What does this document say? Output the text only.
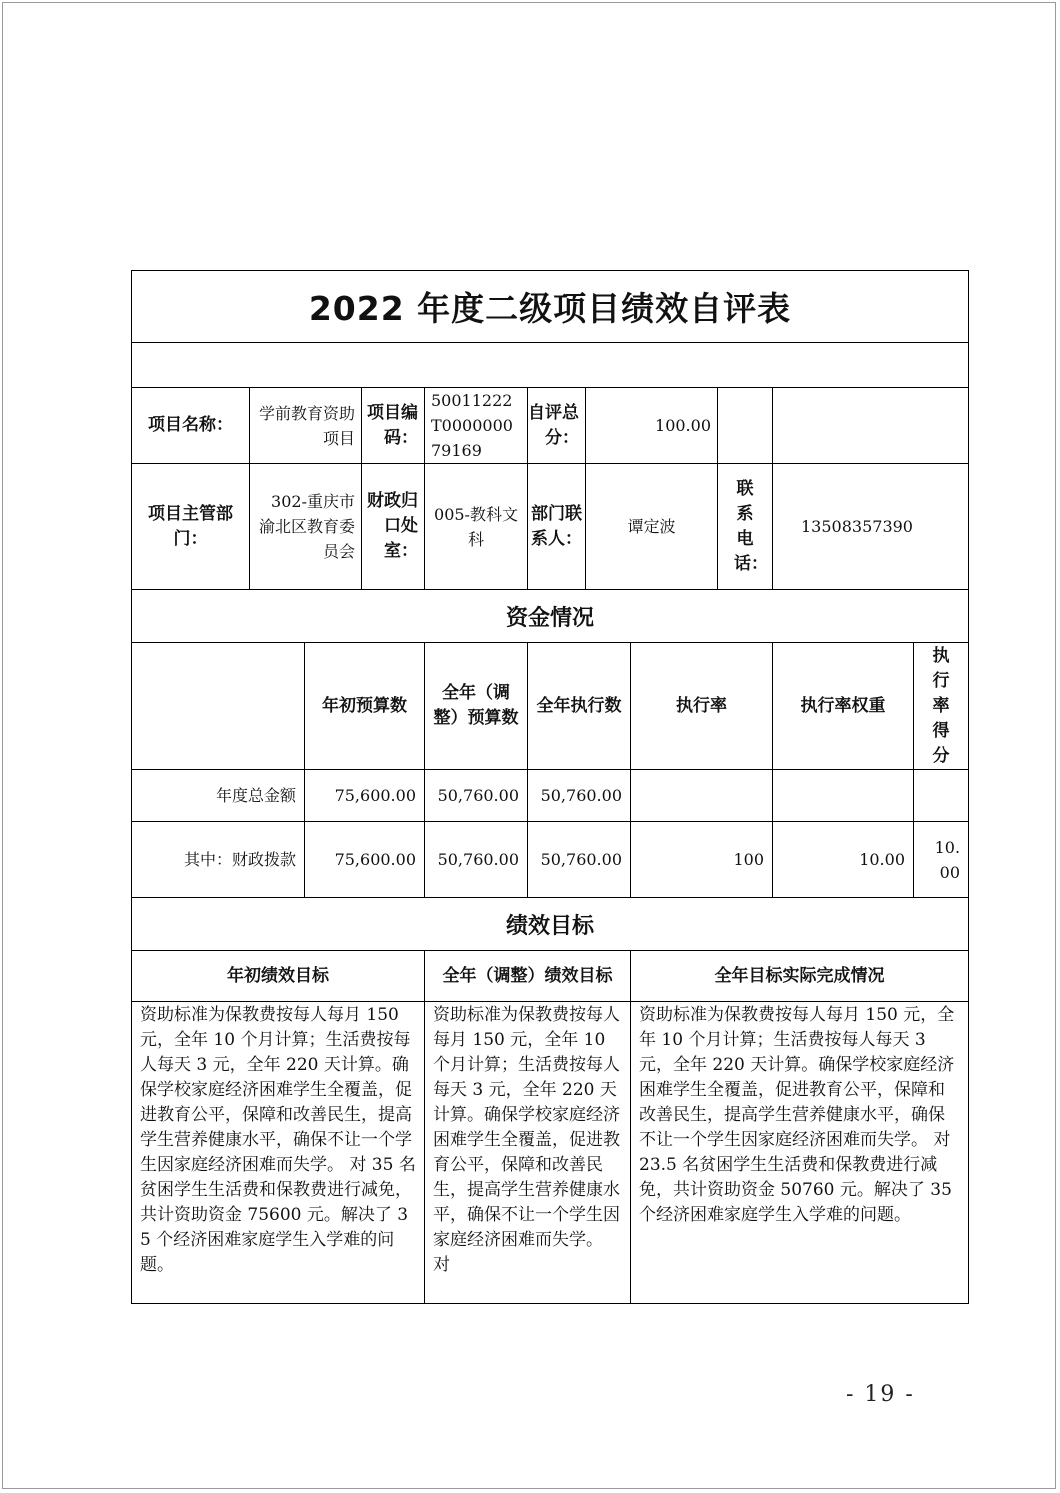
2022 年度二级项目绩效自评表										

项目名称：	学前教育资助项目		项目编码：	50011222T000000079169	自评总分：	100.00				
项目主管部门：	302-重庆市渝北区教育委员会		财政归口处室：	005-教科文科	部门联系人：	谭定波		联系电话：	13508357390	
资金情况										
		年初预算数		全年（调整）预算数	全年执行数		执行率		执行率权重	执行率得分
年度总金额		75,600.00		50,760.00	50,760.00					
其中：财政拨款		75,600.00		50,760.00	50,760.00		100		10.00	10.00
绩效目标										
年初绩效目标				全年（调整）绩效目标			全年目标实际完成情况			
资助标准为保教费按每人每月 150 元，全年 10 个月计算；生活费按每人每天 3 元，全年 220 天计算。确保学校家庭经济困难学生全覆盖，促进教育公平，保障和改善民生，提高学生营养健康水平，确保不让一个学生因家庭经济困难而失学。 对 35 名贫困学生生活费和保教费进行减免，共计资助资金 75600 元。解决了 35 个经济困难家庭学生入学难的问题。				资助标准为保教费按每人每月 150 元，全年 10 个月计算；生活费按每人每天 3 元，全年 220 天计算。确保学校家庭经济困难学生全覆盖，促进教育公平，保障和改善民生，提高学生营养健康水平，确保不让一个学生因家庭经济困难而失学。 对			资助标准为保教费按每人每月 150 元，全年 10 个月计算；生活费按每人每天 3 元，全年 220 天计算。确保学校家庭经济困难学生全覆盖，促进教育公平，保障和改善民生，提高学生营养健康水平，确保不让一个学生因家庭经济困难而失学。 对 23.5 名贫困学生生活费和保教费进行减免，共计资助资金 50760 元。解决了 35 个经济困难家庭学生入学难的问题。			
- 19 -
